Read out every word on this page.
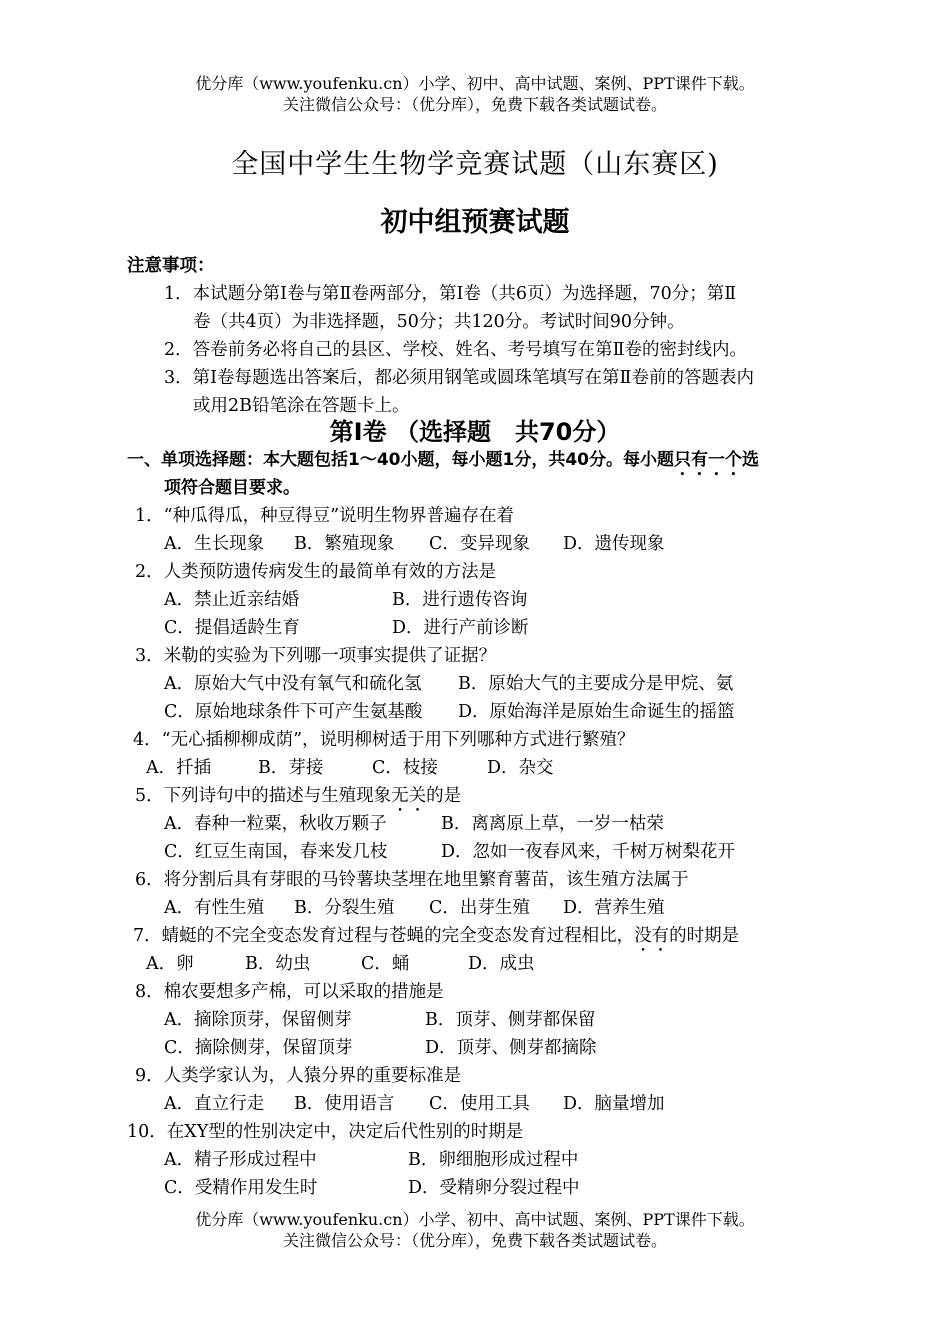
优分库（www.youfenku.cn）小学、初中、高中试题、案例、PPT课件下载。
关注微信公众号：（优分库），免费下载各类试题试卷。
全国中学生生物学竞赛试题（山东赛区)
初中组预赛试题
注意事项：
1．本试题分第Ⅰ卷与第Ⅱ卷两部分，第Ⅰ卷（共6页）为选择题，70分；第Ⅱ
卷（共4页）为非选择题，50分；共120分。考试时间90分钟。
2．答卷前务必将自己的县区、学校、姓名、考号填写在第Ⅱ卷的密封线内。
3．第Ⅰ卷每题选出答案后，都必须用钢笔或圆珠笔填写在第Ⅱ卷前的答题表内
或用2B铅笔涂在答题卡上。
第Ⅰ卷 （选择题　共70分）
一、单项选择题：本大题包括1～40小题，每小题1分，共40分。每小题只有一个选
项符合题目要求。
1．“种瓜得瓜，种豆得豆”说明生物界普遍存在着
A．生长现象 B．繁殖现象 C．变异现象 D．遗传现象
2．人类预防遗传病发生的最简单有效的方法是
A．禁止近亲结婚	B．进行遗传咨询
C．提倡适龄生育	D．进行产前诊断
3．米勒的实验为下列哪一项事实提供了证据？
A．原始大气中没有氧气和硫化氢 B．原始大气的主要成分是甲烷、氨
C．原始地球条件下可产生氨基酸 D．原始海洋是原始生命诞生的摇篮
4．“无心插柳柳成荫”，说明柳树适于用下列哪种方式进行繁殖？
A．扦插	B．芽接	C．枝接	D．杂交
5．下列诗句中的描述与生殖现象无关的是
A．春种一粒粟，秋收万颗子	B．离离原上草，一岁一枯荣
C．红豆生南国，春来发几枝	D．忽如一夜春风来，千树万树梨花开
6．将分割后具有芽眼的马铃薯块茎埋在地里繁育薯苗，该生殖方法属于
A．有性生殖 B．分裂生殖 C．出芽生殖 D．营养生殖
7．蜻蜓的不完全变态发育过程与苍蝇的完全变态发育过程相比，没有的时期是
A．卵	B．幼虫	C．蛹	D．成虫
8．棉农要想多产棉，可以采取的措施是
A．摘除顶芽，保留侧芽	B．顶芽、侧芽都保留
C．摘除侧芽，保留顶芽	D．顶芽、侧芽都摘除
9．人类学家认为，人猿分界的重要标准是
A．直立行走 B．使用语言 C．使用工具 D．脑量增加
10．在XY型的性别决定中，决定后代性别的时期是
A．精子形成过程中	B．卵细胞形成过程中
C．受精作用发生时	D．受精卵分裂过程中
优分库（www.youfenku.cn）小学、初中、高中试题、案例、PPT课件下载。
关注微信公众号：（优分库），免费下载各类试题试卷。
